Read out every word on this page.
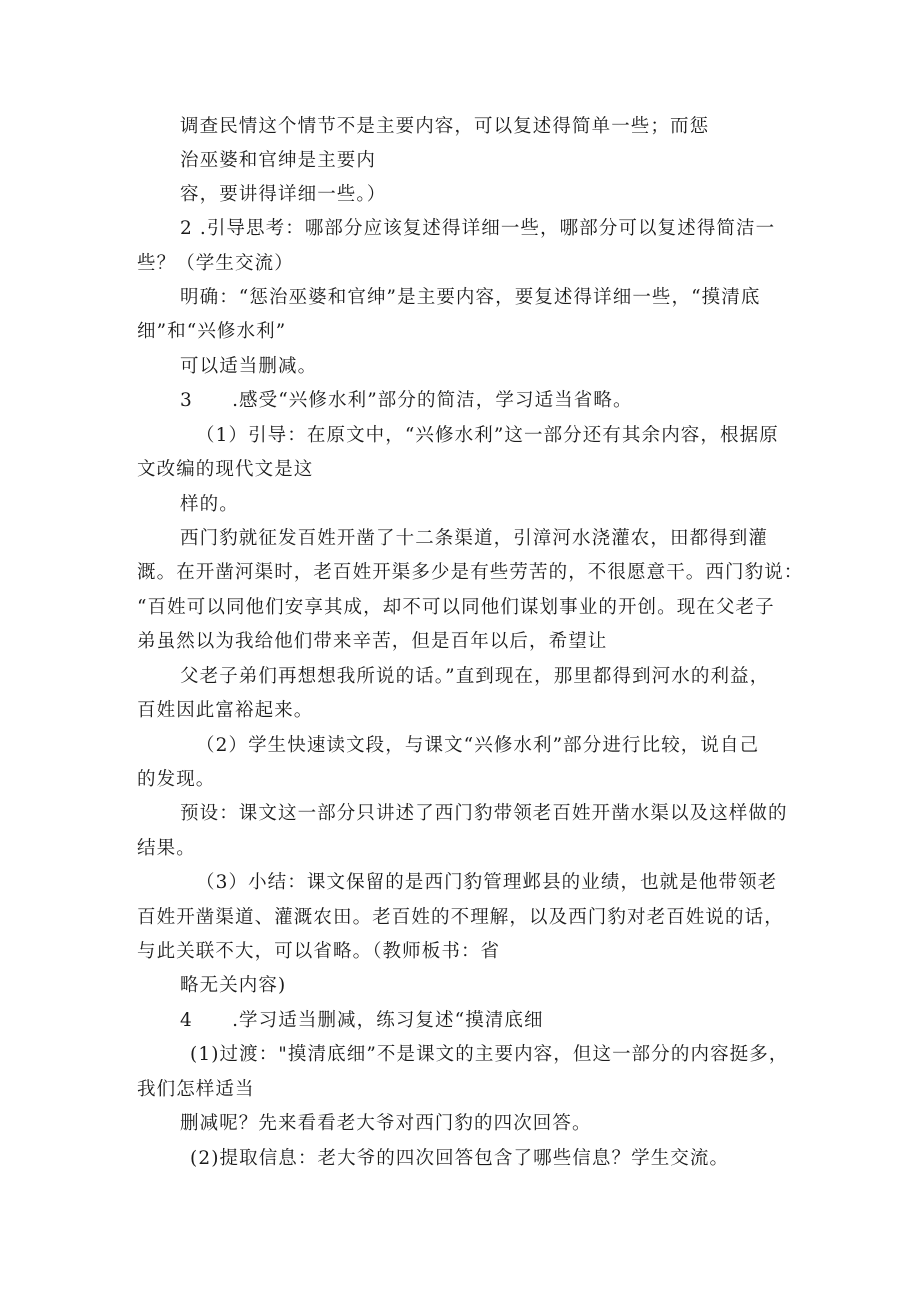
调查民情这个情节不是主要内容，可以复述得简单一些；而惩
治巫婆和官绅是主要内
容，要讲得详细一些。）
2 .引导思考：哪部分应该复述得详细一些，哪部分可以复述得简洁一
些？（学生交流）
明确：“惩治巫婆和官绅”是主要内容，要复述得详细一些，“摸清底
细”和“兴修水利”
可以适当删减。
3　　.感受“兴修水利”部分的简洁，学习适当省略。
（1）引导：在原文中，“兴修水利”这一部分还有其余内容，根据原
文改编的现代文是这
样的。
西门豹就征发百姓开凿了十二条渠道，引漳河水浇灌农，田都得到灌
溉。在开凿河渠时，老百姓开渠多少是有些劳苦的，不很愿意干。西门豹说：
“百姓可以同他们安享其成，却不可以同他们谋划事业的开创。现在父老子
弟虽然以为我给他们带来辛苦，但是百年以后，希望让
父老子弟们再想想我所说的话。”直到现在，那里都得到河水的利益，
百姓因此富裕起来。
（2）学生快速读文段，与课文“兴修水利”部分进行比较，说自己
的发现。
预设：课文这一部分只讲述了西门豹带领老百姓开凿水渠以及这样做的
结果。
（3）小结：课文保留的是西门豹管理邺县的业绩，也就是他带领老
百姓开凿渠道、灌溉农田。老百姓的不理解，以及西门豹对老百姓说的话，
与此关联不大，可以省略。（教师板书：省
略无关内容)
4　　.学习适当删减，练习复述“摸清底细
(1)过渡："摸清底细”不是课文的主要内容，但这一部分的内容挺多，
我们怎样适当
删减呢？先来看看老大爷对西门豹的四次回答。
(2)提取信息：老大爷的四次回答包含了哪些信息？学生交流。
